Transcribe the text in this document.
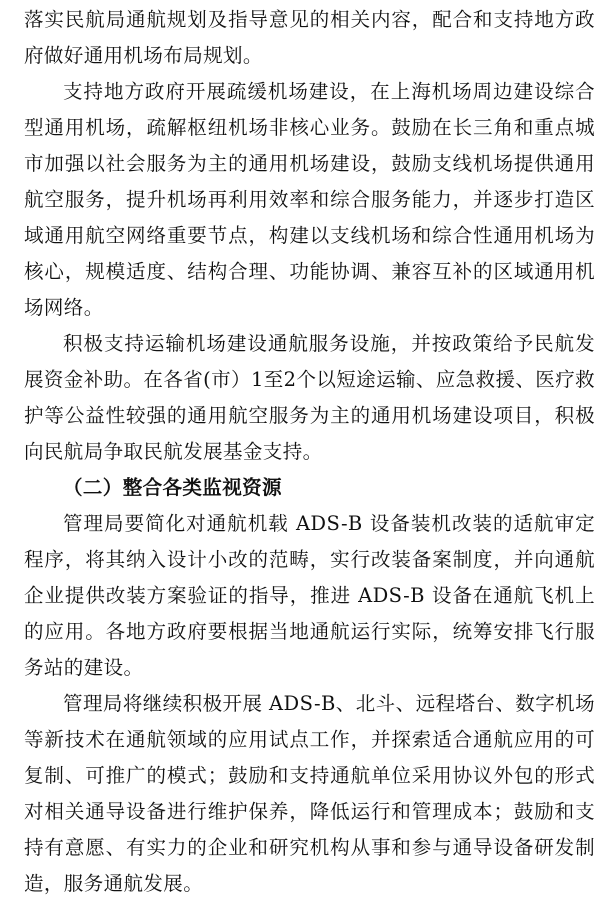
落实民航局通航规划及指导意见的相关内容，配合和支持地方政府做好通用机场布局规划。

支持地方政府开展疏缓机场建设，在上海机场周边建设综合型通用机场，疏解枢纽机场非核心业务。鼓励在长三角和重点城市加强以社会服务为主的通用机场建设，鼓励支线机场提供通用航空服务，提升机场再利用效率和综合服务能力，并逐步打造区域通用航空网络重要节点，构建以支线机场和综合性通用机场为核心，规模适度、结构合理、功能协调、兼容互补的区域通用机场网络。

积极支持运输机场建设通航服务设施，并按政策给予民航发展资金补助。在各省(市）1至2个以短途运输、应急救援、医疗救护等公益性较强的通用航空服务为主的通用机场建设项目，积极向民航局争取民航发展基金支持。

（二）整合各类监视资源

管理局要简化对通航机载 ADS-B 设备装机改装的适航审定程序，将其纳入设计小改的范畴，实行改装备案制度，并向通航企业提供改装方案验证的指导，推进 ADS-B 设备在通航飞机上的应用。各地方政府要根据当地通航运行实际，统筹安排飞行服务站的建设。

管理局将继续积极开展 ADS-B、北斗、远程塔台、数字机场等新技术在通航领域的应用试点工作，并探索适合通航应用的可复制、可推广的模式；鼓励和支持通航单位采用协议外包的形式对相关通导设备进行维护保养，降低运行和管理成本；鼓励和支持有意愿、有实力的企业和研究机构从事和参与通导设备研发制造，服务通航发展。
